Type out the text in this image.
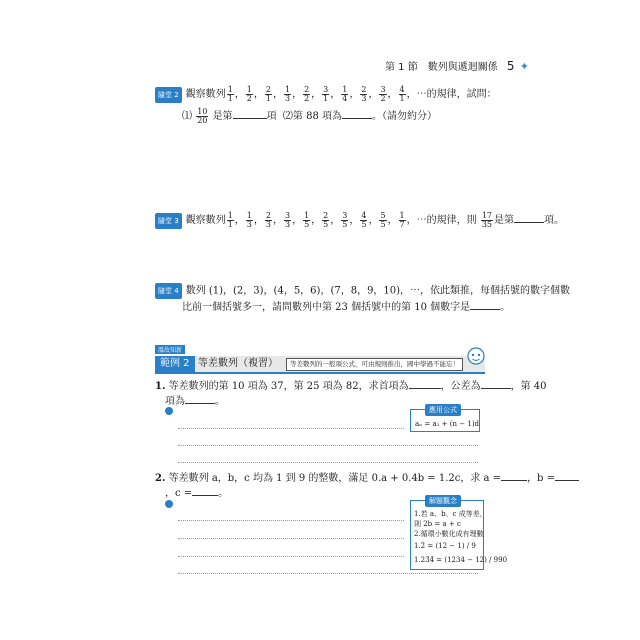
第 1 節　數列與遞迴關係 5 ✦
隨堂 2 觀察數列 $\frac{1}{1}$ ， $\frac{1}{2}$ ， $\frac{2}{1}$ ， $\frac{1}{3}$ ， $\frac{2}{2}$ ， $\frac{3}{1}$ ， $\frac{1}{4}$ ， $\frac{2}{3}$ ， $\frac{3}{2}$ ， $\frac{4}{1}$ ，⋯的規律，試問：
⑴ $\frac{10}{20}$ 是第	項 ⑵第 88 項為	。（請勿約分）
隨堂 3 觀察數列 $\frac{1}{1}$ ， $\frac{1}{3}$ ， $\frac{2}{3}$ ， $\frac{3}{3}$ ， $\frac{1}{5}$ ， $\frac{2}{5}$ ， $\frac{3}{5}$ ， $\frac{4}{5}$ ， $\frac{5}{5}$ ， $\frac{1}{7}$ ，⋯的規律，則 $\frac{17}{35}$ 是第	項。
隨堂 4 數列 (1)，(2，3)，(4，5，6)，(7，8，9，10)，⋯，依此類推，每個括號的數字個數
比前一個括號多一，請問數列中第 23 個括號中的第 10 個數字是	。
溫故知新
範例 2 等差數列（複習）	等差數列的一般項公式，可由規則推出，國中學過不能忘！
1. 等差數列的第 10 項為 37，第 25 項為 82，求首項為	，公差為	，第 40
項為	。
應用公式
aₙ = a₁ + (n − 1)d
2. 等差數列 a，b，c 均為 1 到 9 的整數，滿足 0.a + 0.4b = 1.2c，求 a =	，b =
，c =	。
解題觀念
1.若 a、b、c 成等差，
則 2b = a + c
2.循環小數化成有理數
1.2̄ = (12 − 1) / 9
1.23̄4̄ = (1234 − 12) / 990
